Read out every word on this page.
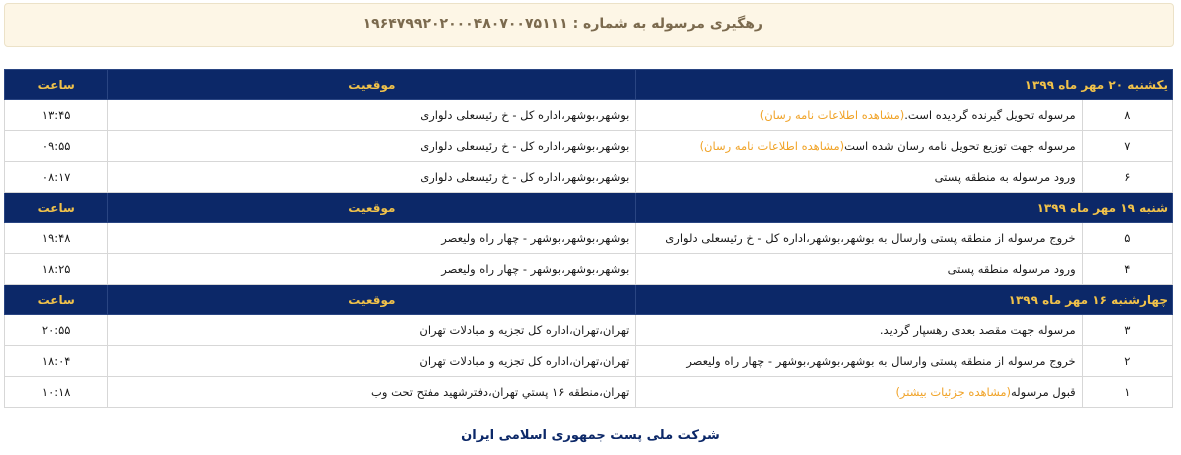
رهگیری مرسوله به شماره : ۱۹۶۴۷۹۹۲۰۲۰۰۰۴۸۰۷۰۰۷۵۱۱۱
یکشنبه ۲۰ مهر ماه ۱۳۹۹		موقعیت	ساعت
۸	مرسوله تحویل گیرنده گردیده است.(مشاهده اطلاعات نامه رسان)	بوشهر،بوشهر،اداره کل - خ رئیسعلی دلواری	۱۳:۴۵
۷	مرسوله جهت توزیع تحویل نامه رسان شده است(مشاهده اطلاعات نامه رسان)	بوشهر،بوشهر،اداره کل - خ رئیسعلی دلواری	۰۹:۵۵
۶	ورود مرسوله به منطقه پستی	بوشهر،بوشهر،اداره کل - خ رئیسعلی دلواری	۰۸:۱۷
شنبه ۱۹ مهر ماه ۱۳۹۹		موقعیت	ساعت
۵	خروج مرسوله از منطقه پستی وارسال به بوشهر،بوشهر،اداره کل - خ رئیسعلی دلواری	بوشهر،بوشهر،بوشهر - چهار راه ولیعصر	۱۹:۴۸
۴	ورود مرسوله منطقه پستی	بوشهر،بوشهر،بوشهر - چهار راه ولیعصر	۱۸:۲۵
چهارشنبه ۱۶ مهر ماه ۱۳۹۹		موقعیت	ساعت
۳	مرسوله جهت مقصد بعدی رهسپار گردید.	تهران،تهران،اداره کل تجزیه و مبادلات تهران	۲۰:۵۵
۲	خروج مرسوله از منطقه پستی وارسال به بوشهر،بوشهر،بوشهر - چهار راه ولیعصر	تهران،تهران،اداره کل تجزیه و مبادلات تهران	۱۸:۰۴
۱	قبول مرسوله(مشاهده جزئیات بیشتر)	تهران،منطقه ۱۶ پستي تهران،دفترشهيد مفتح تحت وب	۱۰:۱۸
شرکت ملی پست جمهوری اسلامی ایران
